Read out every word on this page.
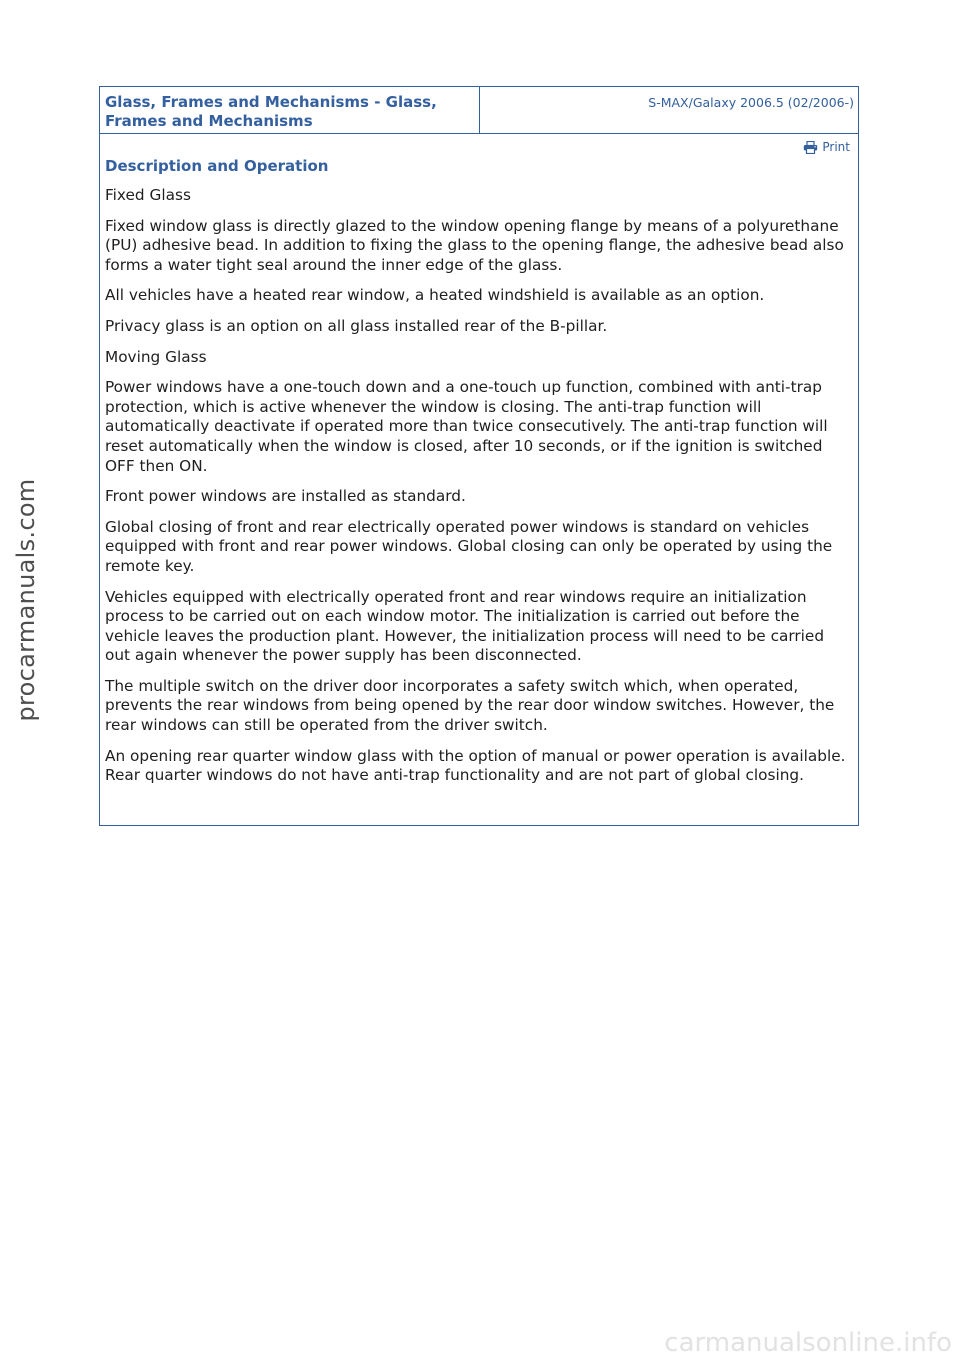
procarmanuals.com
Glass, Frames and Mechanisms - Glass, Frames and Mechanisms
S-MAX/Galaxy 2006.5 (02/2006-)
Print
Description and Operation

Fixed Glass

Fixed window glass is directly glazed to the window opening flange by means of a polyurethane (PU) adhesive bead. In addition to fixing the glass to the opening flange, the adhesive bead also forms a water tight seal around the inner edge of the glass.

All vehicles have a heated rear window, a heated windshield is available as an option.

Privacy glass is an option on all glass installed rear of the B-pillar.

Moving Glass

Power windows have a one-touch down and a one-touch up function, combined with anti-trap protection, which is active whenever the window is closing. The anti-trap function will automatically deactivate if operated more than twice consecutively. The anti-trap function will reset automatically when the window is closed, after 10 seconds, or if the ignition is switched OFF then ON.

Front power windows are installed as standard.

Global closing of front and rear electrically operated power windows is standard on vehicles equipped with front and rear power windows. Global closing can only be operated by using the remote key.

Vehicles equipped with electrically operated front and rear windows require an initialization process to be carried out on each window motor. The initialization is carried out before the vehicle leaves the production plant. However, the initialization process will need to be carried out again whenever the power supply has been disconnected.

The multiple switch on the driver door incorporates a safety switch which, when operated, prevents the rear windows from being opened by the rear door window switches. However, the rear windows can still be operated from the driver switch.

An opening rear quarter window glass with the option of manual or power operation is available. Rear quarter windows do not have anti-trap functionality and are not part of global closing.

carmanualsonline.info
